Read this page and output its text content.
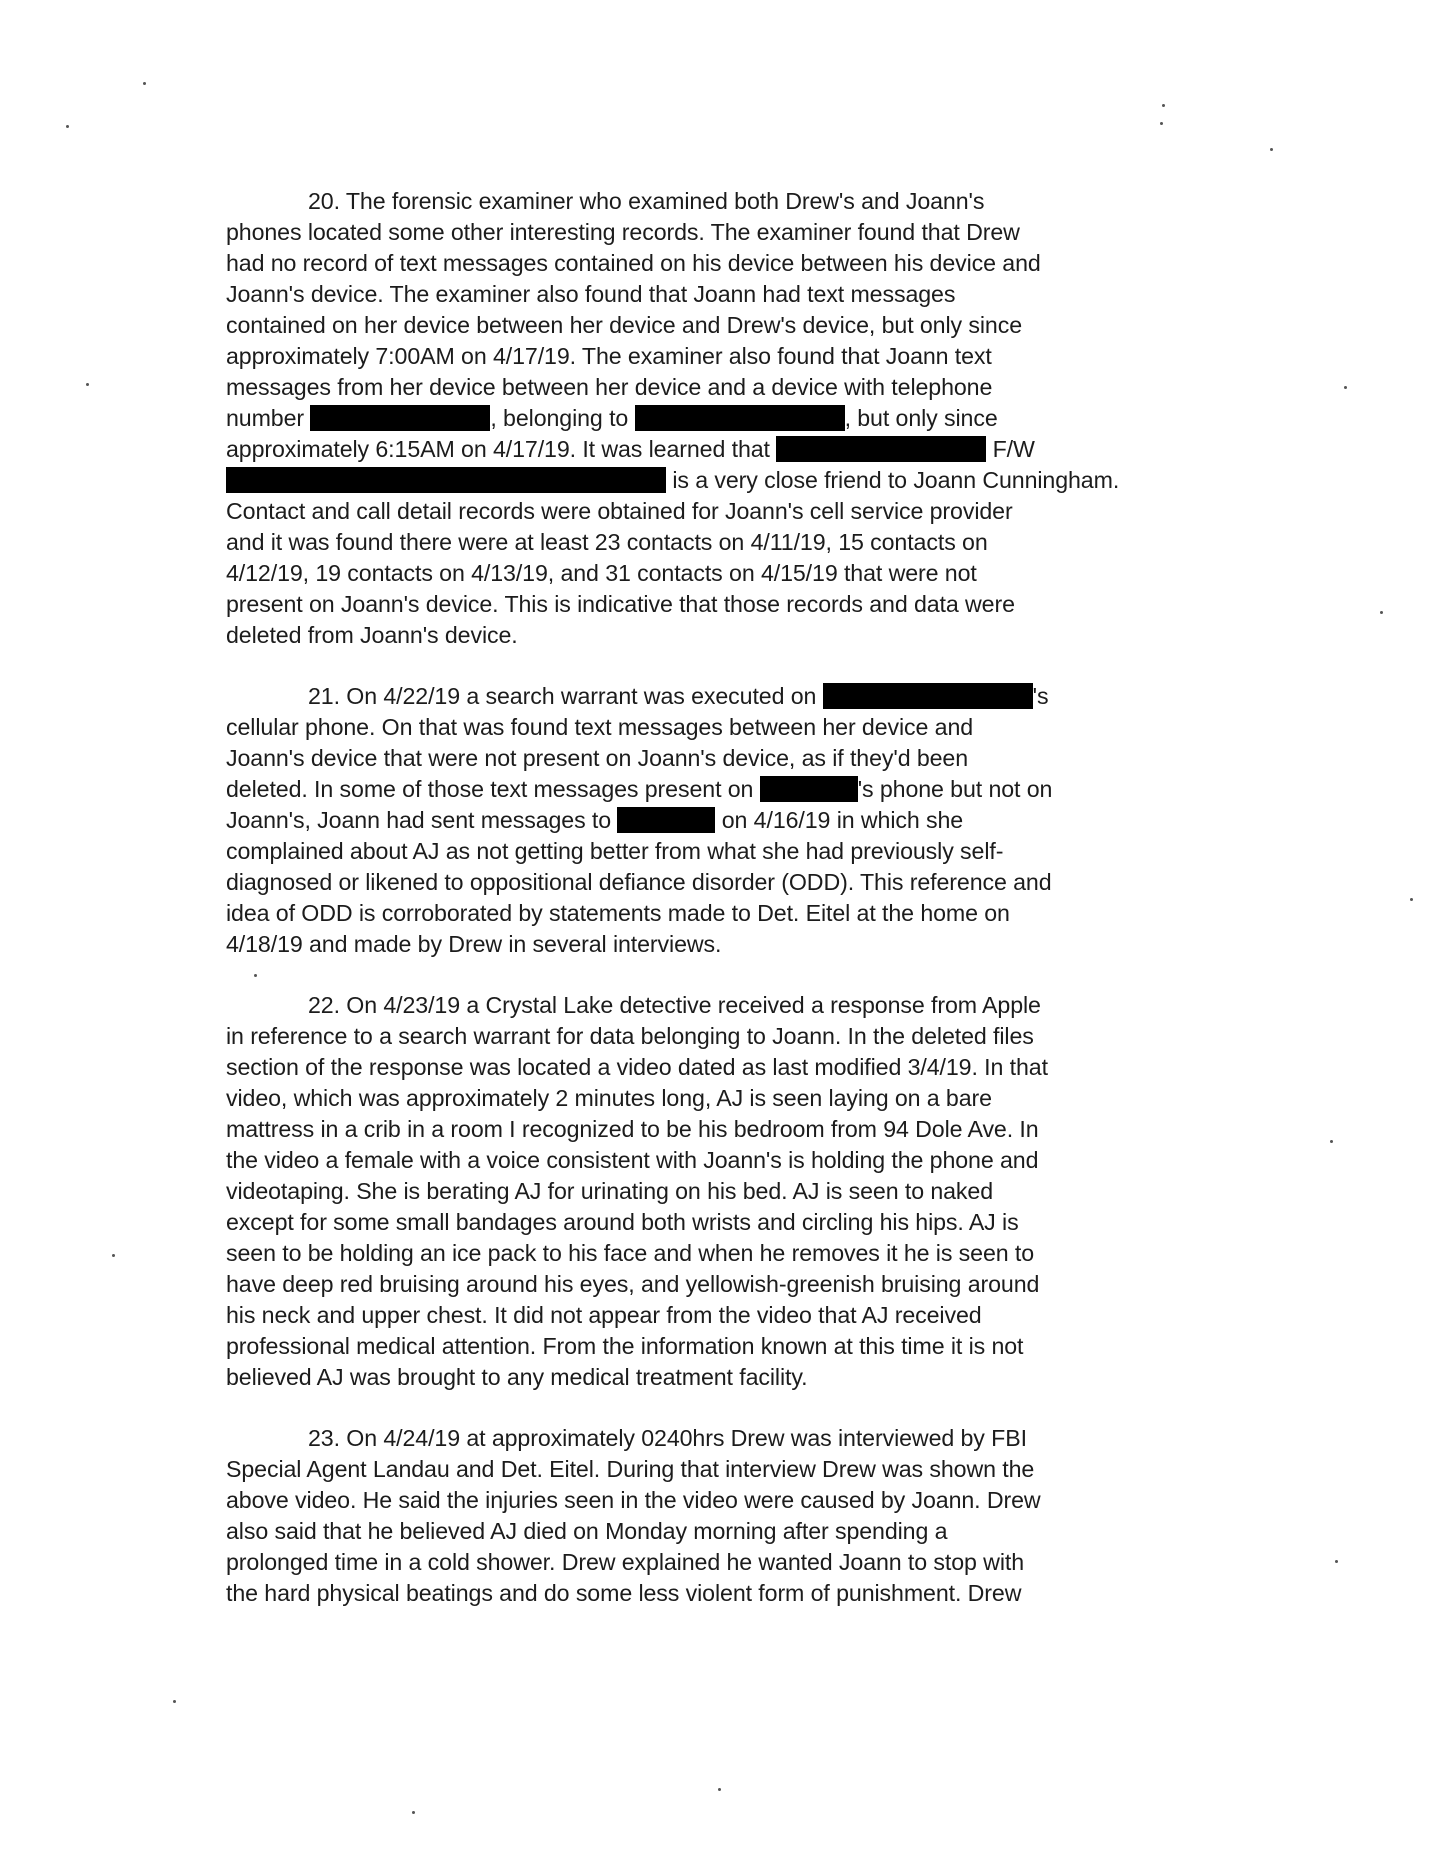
20. The forensic examiner who examined both Drew's and Joann's
phones located some other interesting records. The examiner found that Drew
had no record of text messages contained on his device between his device and
Joann's device. The examiner also found that Joann had text messages
contained on her device between her device and Drew's device, but only since
approximately 7:00AM on 4/17/19. The examiner also found that Joann text
messages from her device between her device and a device with telephone
number	, belonging to	, but only since
approximately 6:15AM on 4/17/19. It was learned that	F/W
is a very close friend to Joann Cunningham.
Contact and call detail records were obtained for Joann's cell service provider
and it was found there were at least 23 contacts on 4/11/19, 15 contacts on
4/12/19, 19 contacts on 4/13/19, and 31 contacts on 4/15/19 that were not
present on Joann's device. This is indicative that those records and data were
deleted from Joann's device.
21. On 4/22/19 a search warrant was executed on	's
cellular phone. On that was found text messages between her device and
Joann's device that were not present on Joann's device, as if they'd been
deleted. In some of those text messages present on	's phone but not on
Joann's, Joann had sent messages to	on 4/16/19 in which she
complained about AJ as not getting better from what she had previously self-
diagnosed or likened to oppositional defiance disorder (ODD). This reference and
idea of ODD is corroborated by statements made to Det. Eitel at the home on
4/18/19 and made by Drew in several interviews.
22. On 4/23/19 a Crystal Lake detective received a response from Apple
in reference to a search warrant for data belonging to Joann. In the deleted files
section of the response was located a video dated as last modified 3/4/19. In that
video, which was approximately 2 minutes long, AJ is seen laying on a bare
mattress in a crib in a room I recognized to be his bedroom from 94 Dole Ave. In
the video a female with a voice consistent with Joann's is holding the phone and
videotaping. She is berating AJ for urinating on his bed. AJ is seen to naked
except for some small bandages around both wrists and circling his hips. AJ is
seen to be holding an ice pack to his face and when he removes it he is seen to
have deep red bruising around his eyes, and yellowish-greenish bruising around
his neck and upper chest. It did not appear from the video that AJ received
professional medical attention. From the information known at this time it is not
believed AJ was brought to any medical treatment facility.
23. On 4/24/19 at approximately 0240hrs Drew was interviewed by FBI
Special Agent Landau and Det. Eitel. During that interview Drew was shown the
above video. He said the injuries seen in the video were caused by Joann. Drew
also said that he believed AJ died on Monday morning after spending a
prolonged time in a cold shower. Drew explained he wanted Joann to stop with
the hard physical beatings and do some less violent form of punishment. Drew
